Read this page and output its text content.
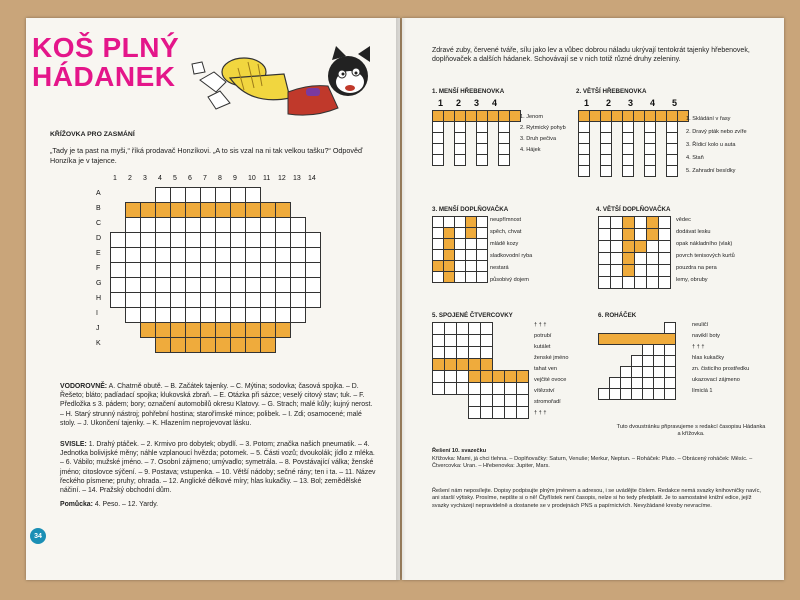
KOŠ PLNÝ
HÁDANEK
KŘÍŽOVKA PRO ZASMÁNÍ
„Tady je ta past na myši,“ říká prodavač Honzíkovi. „A to sis vzal na ni tak velkou tašku?“ Odpověď Honzíka je v tajence.
1 2 3 4 5 6 7 8 9 10 11 12 13 14
A
B
C
D
E
F
G
H
I
J
K
VODOROVNĚ: A. Chatrně obutě. – B. Začátek tajenky. – C. Mýtina; sodovka; časová spojka. – D. Řešeto; bláto; padíadací spojka; klukovská zbraň. – E. Otázka při sázce; veselý citový stav; tuk. – F. Předložka s 3. pádem; bory; označení automobilů okresu Klatovy. – G. Strach; malé kůly; kujný nerost. – H. Starý strunný nástroj; pohřební hostina; starořímské mince; polibek. – I. Zdi; osamocené; malé stoly. – J. Ukončení tajenky. – K. Hlazením neprojevovat lásku.
SVISLE: 1. Drahý ptáček. – 2. Krmivo pro dobytek; obydlí. – 3. Potom; značka našich pneumatik. – 4. Jednotka bolivijské měny; náhle vzplanoucí hvězda; potomek. – 5. Části vozů; dvoukolák; jídlo z mléka. – 6. Vábilo; mužské jméno. – 7. Osobní zájmeno; umývadlo; symetrála. – 8. Povstávající válka; ženské jméno; citoslovce sýčení. – 9. Postava; vstupenka. – 10. Větší nádoby; sečné rány; ten i ta. – 11. Název řeckého písmene; pruhy; ohrada. – 12. Anglické délkové míry; hlas kukačky. – 13. Bol; zemědělské náčiní. – 14. Pražský obchodní dům.
Pomůcka: 4. Peso. – 12. Yardy.
34
Zdravé zuby, červené tváře, sílu jako lev a vůbec dobrou náladu ukrývají tentokrát tajenky hřebenovek, doplňovaček a dalších hádanek. Schovávají se v nich totiž různé druhy zeleniny.
1. MENŠÍ HŘEBENOVKA	2. VĚTŠÍ HŘEBENOVKA
1 2 3 4	1 2 3 4 5
1. Jenom
2. Rytmický pohyb
3. Druh pečiva
4. Hájek
1. Skládání v řasy
2. Dravý pták nebo zvíře
3. Řídicí kolo u auta
4. Staň
5. Zahradní besídky
3. MENŠÍ DOPLŇOVAČKA	4. VĚTŠÍ DOPLŇOVAČKA
neupřímnost
spěch, chvat
mládě kozy
sladkovodní ryba
nestará
působivý dojem
vědec
dodávat lesku
opak nákladního (vlak)
povrch tenisových kurtů
pouzdra na pera
lemy, obruby
5. SPOJENÉ ČTVERCOVKY	6. ROHÁČEK
† † †
potrubí
kutálet
ženské jméno
tahat ven
vejčité ovoce
vítězství
stromořadí
† † †
neuličí
naviklí boty
† † †
hlas kukačky
zn. čisticího prostředku
ukazovací zájmeno
límiclá 1
Tuto dvoustránku připravujeme s redakcí časopisu Hádanka a křížovka.
Řešení 10. svazečku
Křížovka: Mami, já chci tlehna. – Doplňovačky: Saturn, Venuše; Merkur, Neptun. – Roháček: Pluto. – Obrácený roháček: Měsíc. – Čtvercovka: Uran. – Hřebenovka: Jupiter, Mars.
Řešení nám neposílejte. Dopisy podpisujte plným jménem a adresou, i se uvádějte číslem. Redakce nemá svazky knihovničky navíc, ani starší výtisky. Prosíme, nepište si o ně! Čtyřlístek není časopis, nelze si ho tedy předplatit. Je to samostatné knižní edice, jejíž svazky vycházejí nepravidelně a dostanete se v prodejnách PNS a papírnictvích. Nevyžádané kresby nevracíme.
